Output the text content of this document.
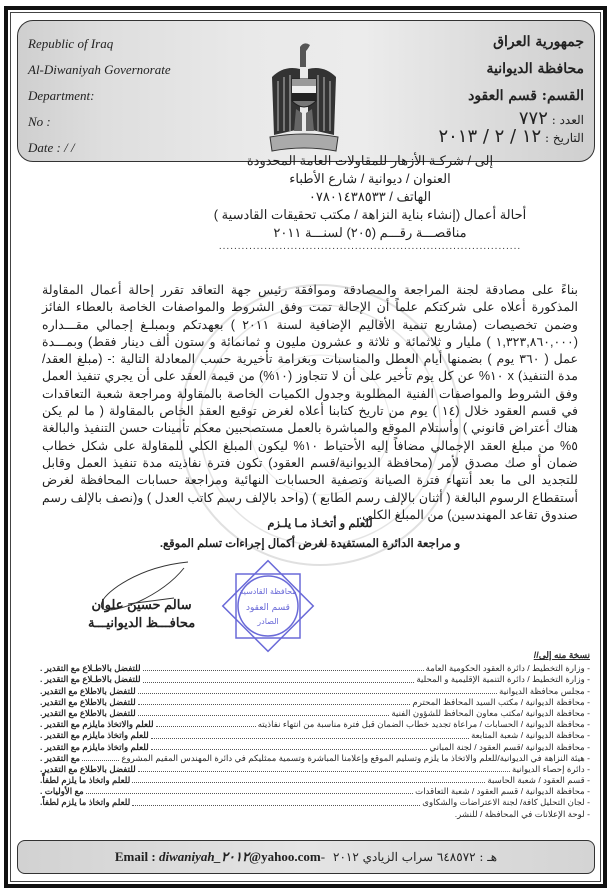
Republic of Iraq
Al-Diwaniyah Governorate
Department:
No :
Date : / /
جمهورية العراق
محافظة الديوانية
القسم: قسم العقود
العدد : ٧٧٢
التاريخ : ١٢ / ٢ / ٢٠١٣
إلى / شركـة الأزهار للمقاولات العامة المحدودة
العنوان / ديوانية / شارع الأطباء
الهاتف / ٠٧٨٠١٤٣٨٥٣٣
أحالة أعمال (إنشاء بناية النزاهة / مكتب تحقيقات القادسية )
مناقصـــة رقـــم (٢٠٥) لسنـــة ٢٠١١
................................................................................
بناءً على مصادقة لجنة المراجعة والمصادقة وموافقة رئيس جهة التعاقد تقرر إحالة أعمال المقاولة المذكورة أعلاه على شركتكم علماً أن الإحالة تمت وفق الشروط والمواصفات الخاصة بالعطاء الفائز وضمن تخصيصات (مشاريع تنمية الأقاليم الإضافية لسنة ٢٠١١ ) بعهدتكم وبمبلـغ إجمالي مقـــداره (١,٣٢٣,٨٦٠,٠٠٠ ) مليار و ثلاثمائة و ثلاثة و عشرون مليون و ثمانمائة و ستون ألف دينار فقط) وبمـــدة عمل ( ٣٦٠ يوم ) بضمنها أيام العطل والمناسبات وبغرامة تأخيرية حسب المعادلة التالية :- (مبلغ العقد/ مدة التنفيذ) x ١٠% عن كل يوم تأخير على أن لا تتجاوز (١٠%) من قيمة العقد على أن يجري تنفيذ العمل وفق الشروط والمواصفات الفنية المطلوبة وجدول الكميات الخاصة بالمقاولة ومراجعة شعبة التعاقدات في قسم العقود خلال (١٤ ) يوم من تاريخ كتابنا أعلاه لغرض توقيع العقد الخاص بالمقاولة ( ما لم يكن هناك أعتراض قانوني ) وأستلام الموقع والمباشرة بالعمل مستصحبين معكم تأمينات حسن التنفيذ والبالغة ٥% من مبلغ العقد الإجمالي مضافاً إليه الأحتياط ١٠% ليكون المبلغ الكلي للمقاولة على شكل خطاب ضمان أو صك مصدق لأمر (محافظة الديوانية/قسم العقود) تكون فترة نفاذيته مدة تنفيذ العمل وقابل للتجديد الى ما بعد أنتهاء فترة الصيانة وتصفية الحسابات النهائية ومراجعة حسابات المحافظة لغرض أستقطاع الرسوم البالغة ( أثنان بالإلف رسم الطابع ) (واحد بالإلف رسم كاتب العدل ) و(نصف بالإلف رسم صندوق تقاعد المهندسين) من المبلغ الكلي.
للعلم و أتخـاذ مـا يلـزم
و مراجعة الدائرة المستفيدة لغرض أكمال إجراءات تسلم الموقع.
محافظة القادسية
قسم العقود
الصادر
سالم حسين علوان
محافـــظ الديوانيـــة
نسخة منه إلى//
- وزارة التخطيط / دائرة العقود الحكومية العامة
للتفضل بالاطـلاع مع التقدير .
- وزارة التخطيط / دائرة التنمية الإقليمية و المحلية
للتفضل بالاطـلاع مع التقدير .
- مجلس محافظة الديوانية
للتفضل بالاطلاع مع التقدير.
- محافظة الديوانية / مكتب السيد المحافظ المحترم
للتفضل بالاطلاع مع التقدير.
- محافظة الديوانية /مكتب معاون المحافظ للشؤون الفنية
للتفضل بالاطلاع مع التقدير.
- محافظة الديوانية / الحسابات / مراعاة تجديد خطاب الضمان قبل فترة مناسبة من انتهاء نفاذيته
للعلم والاتخاذ مايلزم مع التقدير .
- محافظة الديوانية / شعبة المتابعة
للعلم واتخاذ مايلزم مع التقدير .
- محافظة الديوانية /قسم العقود / لجنة المباني
للعلم واتخاذ مايلزم مع التقدير .
- هيئة النزاهة في الديوانية/للعلم والاتخاذ ما يلزم وتسليم الموقع وإعلامنا المباشرة وتسمية ممثليكم في دائرة المهندس المقيم المشروع
مع التقدير .
- دائرة إحصاء الديوانية
للتفضل بالاطلاع مع التقدير.
- قسم العقود / شعبة الحاسبة
للعلم واتخاذ ما يلزم لطفاً.
- محافظة الديوانية / قسم العقود / شعبة التعاقدات
مع الأوليات .
- لجان التحليل كافة/ لجنة الاعتراضات والشكاوى
للعلم واتخاذ ما يلزم لطفاً.
- لوحة الإعلانات في المحافظة / للنشر.
Email :
diwaniyah_٢٠١٢ @yahoo.com - هـ : ٦٤٨٥٧٢ سراب الزيادي ٢٠١٢
